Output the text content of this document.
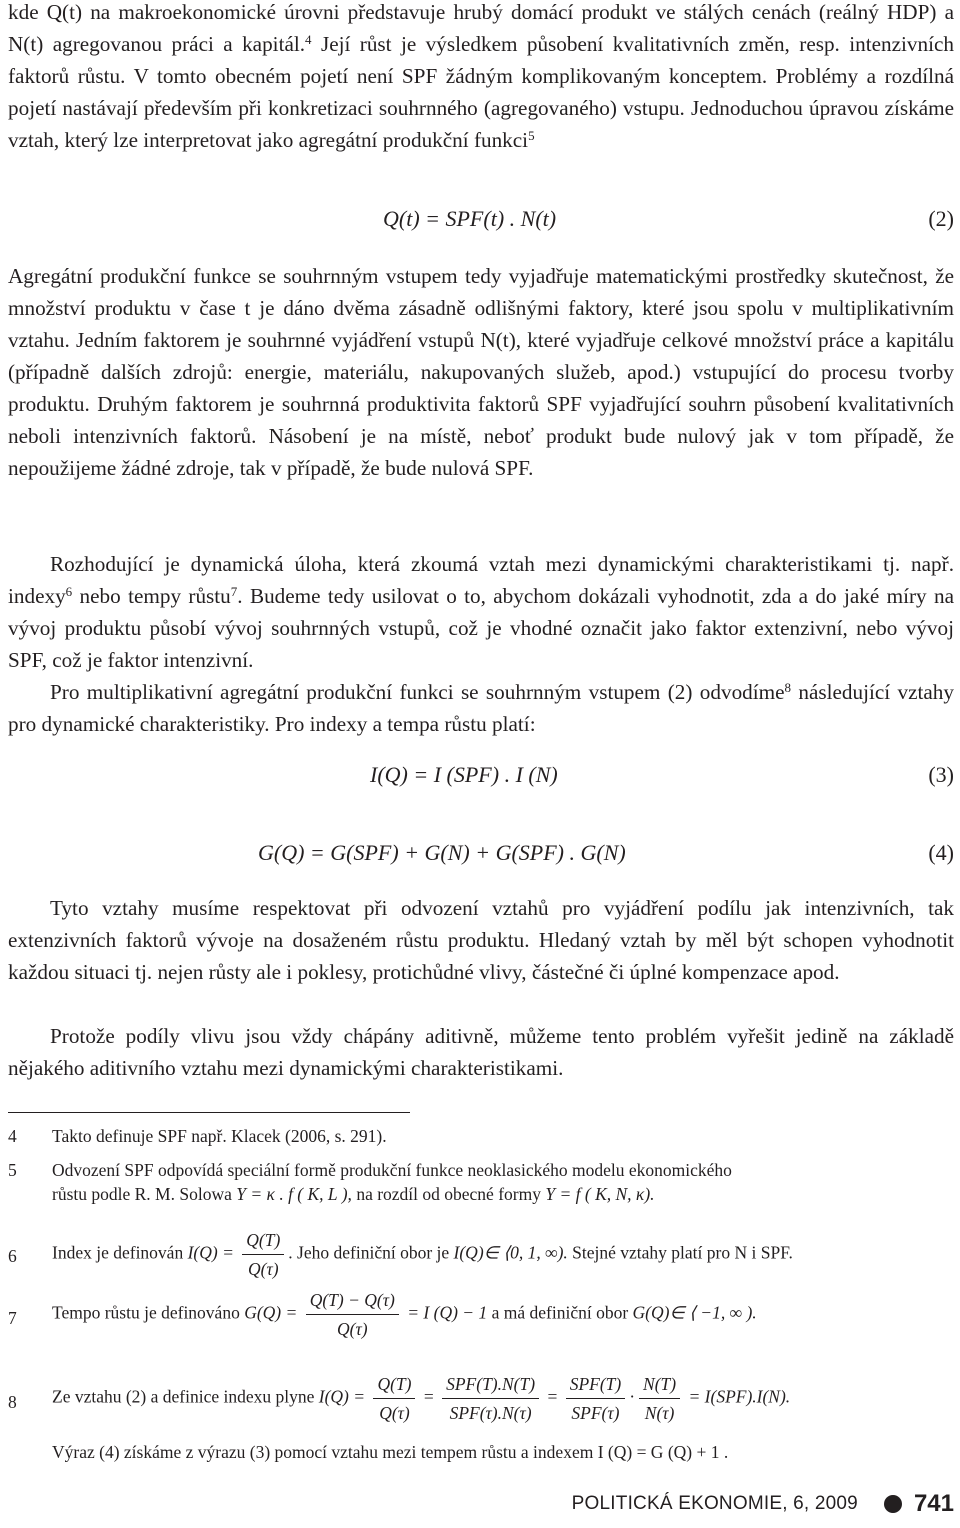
kde Q(t) na makroekonomické úrovni představuje hrubý domácí produkt ve stálých cenách (reálný HDP) a N(t) agregovanou práci a kapitál.$^4$ Její růst je výsledkem působení kvalitativních změn, resp. intenzivních faktorů růstu. V tomto obecném pojetí není SPF žádným komplikovaným konceptem. Problémy a rozdílná pojetí nastávají především při konkretizaci souhrnného (agregovaného) vstupu. Jednoduchou úpravou získáme vztah, který lze interpretovat jako agregátní produkční funkci$^5$

Q(t) = SPF(t) . N(t)	(2)

Agregátní produkční funkce se souhrnným vstupem tedy vyjadřuje matematickými prostředky skutečnost, že množství produktu v čase t je dáno dvěma zásadně odlišnými faktory, které jsou spolu v multiplikativním vztahu. Jedním faktorem je souhrnné vyjádření vstupů N(t), které vyjadřuje celkové množství práce a kapitálu (případně dalších zdrojů: energie, materiálu, nakupovaných služeb, apod.) vstupující do procesu tvorby produktu. Druhým faktorem je souhrnná produktivita faktorů SPF vyjadřující souhrn působení kvalitativních neboli intenzivních faktorů. Násobení je na místě, neboť produkt bude nulový jak v tom případě, že nepoužijeme žádné zdroje, tak v případě, že bude nulová SPF.

Rozhodující je dynamická úloha, která zkoumá vztah mezi dynamickými charakteristikami tj. např. indexy$^6$ nebo tempy růstu$^7$. Budeme tedy usilovat o to, abychom dokázali vyhodnotit, zda a do jaké míry na vývoj produktu působí vývoj souhrnných vstupů, což je vhodné označit jako faktor extenzivní, nebo vývoj SPF, což je faktor intenzivní.

Pro multiplikativní agregátní produkční funkci se souhrnným vstupem (2) odvodíme$^8$ následující vztahy pro dynamické charakteristiky. Pro indexy a tempa růstu platí:

I(Q) = I (SPF) . I (N)	(3)
G(Q) = G(SPF) + G(N) + G(SPF) . G(N)	(4)

Tyto vztahy musíme respektovat při odvození vztahů pro vyjádření podílu jak intenzivních, tak extenzivních faktorů vývoje na dosaženém růstu produktu. Hledaný vztah by měl být schopen vyhodnotit každou situaci tj. nejen růsty ale i poklesy, protichůdné vlivy, částečné či úplné kompenzace apod.

Protože podíly vlivu jsou vždy chápány aditivně, můžeme tento problém vyřešit jedině na základě nějakého aditivního vztahu mezi dynamickými charakteristikami.

4 Takto definuje SPF např. Klacek (2006, s. 291).
5 Odvození SPF odpovídá speciální formě produkční funkce neoklasického modelu ekonomického
růstu podle R. M. Solowa Y = κ . f ( K, L ), na rozdíl od obecné formy Y = f ( K, N, κ).
6 Index je definován $I(Q) = \frac{Q(T)}{Q(\tau)}$ . Jeho definiční obor je I(Q)∈ ⟨0, 1, ∞). Stejné vztahy platí pro N i SPF.
7 Tempo růstu je definováno $G(Q) = \frac{Q(T) - Q(\tau)}{Q(\tau)} = I$ (Q) − 1 a má definiční obor G(Q)∈ ⟨ −1, ∞ ).
8 Ze vztahu (2) a definice indexu plyne $I(Q) = \frac{Q(T)}{Q(\tau)} = \frac{\text{SPF(T).N(T)}}{\text{SPF(τ).N(τ)}} = \frac{\text{SPF(T)}}{\text{SPF(τ)}} \cdot \frac{N(T)}{N(\tau)} = I(SPF).I(N)$.
Výraz (4) získáme z výrazu (3) pomocí vztahu mezi tempem růstu a indexem I (Q) = G (Q) + 1 .
POLITICKÁ EKONOMIE, 6, 2009 741
